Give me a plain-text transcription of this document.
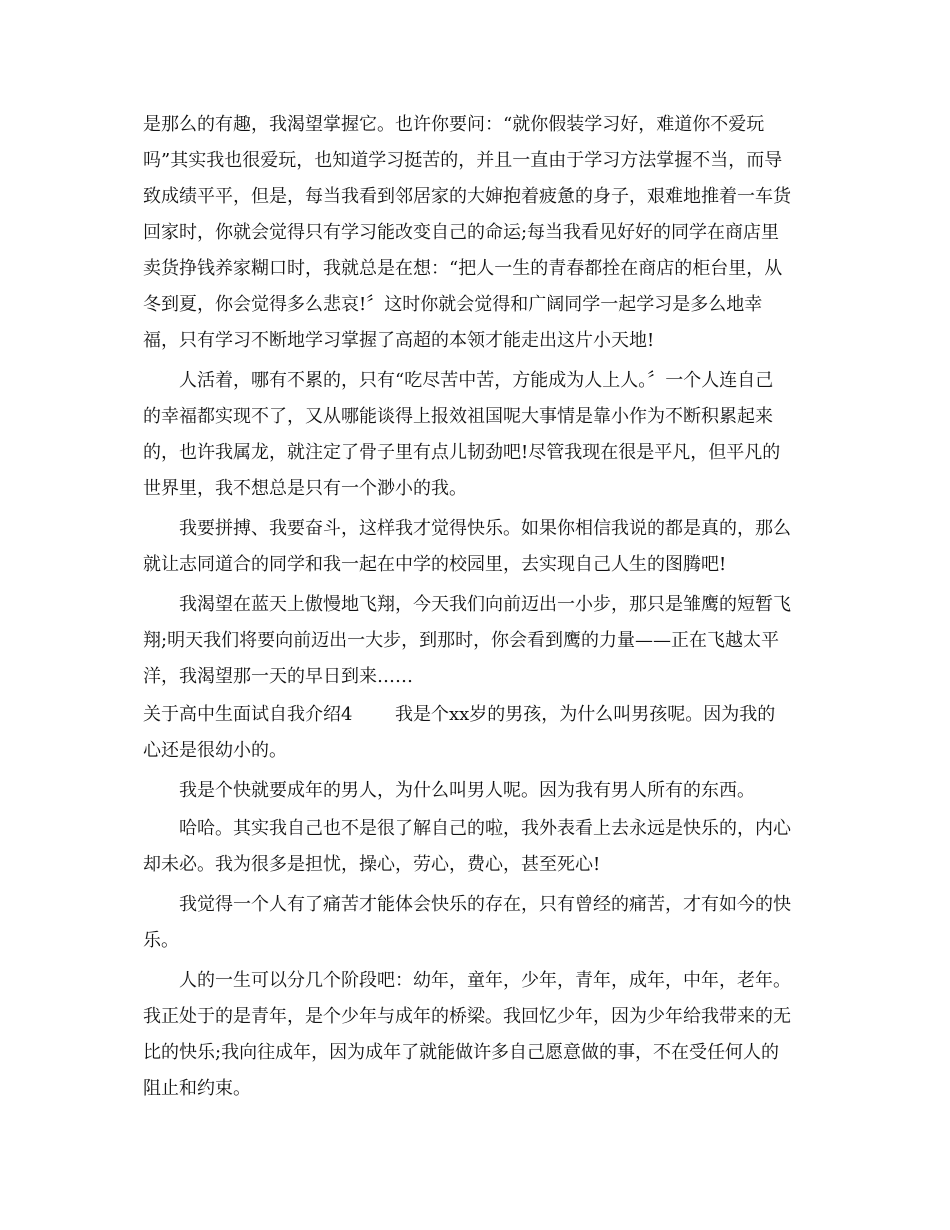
是那么的有趣，我渴望掌握它。也许你要问：“就你假装学习好，难道你不爱玩
吗”其实我也很爱玩，也知道学习挺苦的，并且一直由于学习方法掌握不当，而导
致成绩平平，但是，每当我看到邻居家的大婶抱着疲惫的身子，艰难地推着一车货
回家时，你就会觉得只有学习能改变自己的命运;每当我看见好好的同学在商店里
卖货挣钱养家糊口时，我就总是在想：“把人一生的青春都拴在商店的柜台里，从
冬到夏，你会觉得多么悲哀!〞这时你就会觉得和广阔同学一起学习是多么地幸
福，只有学习不断地学习掌握了高超的本领才能走出这片小天地!
人活着，哪有不累的，只有“吃尽苦中苦，方能成为人上人。〞一个人连自己
的幸福都实现不了，又从哪能谈得上报效祖国呢大事情是靠小作为不断积累起来
的，也许我属龙，就注定了骨子里有点儿韧劲吧!尽管我现在很是平凡，但平凡的
世界里，我不想总是只有一个渺小的我。
我要拼搏、我要奋斗，这样我才觉得快乐。如果你相信我说的都是真的，那么
就让志同道合的同学和我一起在中学的校园里，去实现自己人生的图腾吧!
我渴望在蓝天上傲慢地飞翔，今天我们向前迈出一小步，那只是雏鹰的短暂飞
翔;明天我们将要向前迈出一大步，到那时，你会看到鹰的力量——正在飞越太平
洋，我渴望那一天的早日到来……
关于高中生面试自我介绍4 我是个xx岁的男孩，为什么叫男孩呢。因为我的
心还是很幼小的。
我是个快就要成年的男人，为什么叫男人呢。因为我有男人所有的东西。
哈哈。其实我自己也不是很了解自己的啦，我外表看上去永远是快乐的，内心
却未必。我为很多是担忧，操心，劳心，费心，甚至死心!
我觉得一个人有了痛苦才能体会快乐的存在，只有曾经的痛苦，才有如今的快
乐。
人的一生可以分几个阶段吧：幼年，童年，少年，青年，成年，中年，老年。
我正处于的是青年，是个少年与成年的桥梁。我回忆少年，因为少年给我带来的无
比的快乐;我向往成年，因为成年了就能做许多自己愿意做的事，不在受任何人的
阻止和约束。
